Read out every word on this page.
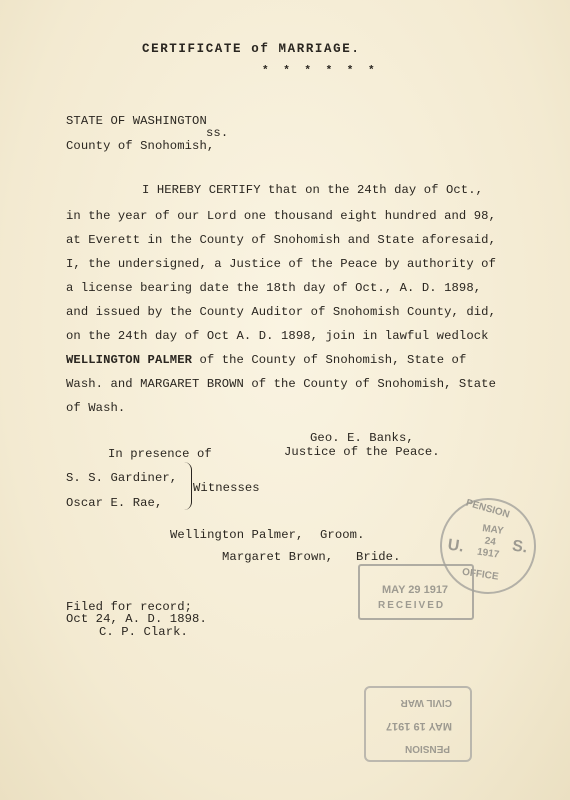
CERTIFICATE of MARRIAGE.
* * * * * *
STATE OF WASHINGTON
ss.
County of Snohomish,
I HEREBY CERTIFY that on the 24th day of Oct.,
in the year of our Lord one thousand eight hundred and 98,
at Everett in the County of Snohomish and State aforesaid,
I, the undersigned, a Justice of the Peace by authority of
a license bearing date the 18th day of Oct., A. D. 1898,
and issued by the County Auditor of Snohomish County, did,
on the 24th day of Oct A. D. 1898, join in lawful wedlock
WELLINGTON PALMER of the County of Snohomish, State of
Wash. and MARGARET BROWN of the County of Snohomish, State
of Wash.
Geo. E. Banks,
Justice of the Peace.
In presence of
S. S. Gardiner,
Oscar E. Rae,
Witnesses
Wellington Palmer, Groom.
Margaret Brown, Bride.
Filed for record;
Oct 24, A. D. 1898.
C. P. Clark.
PENSION
MAY
24
1917
U.	S.
OFFICE
MAY 29 1917
RECEIVED
PENSION
MAY 19 1917
CIVIL WAR
